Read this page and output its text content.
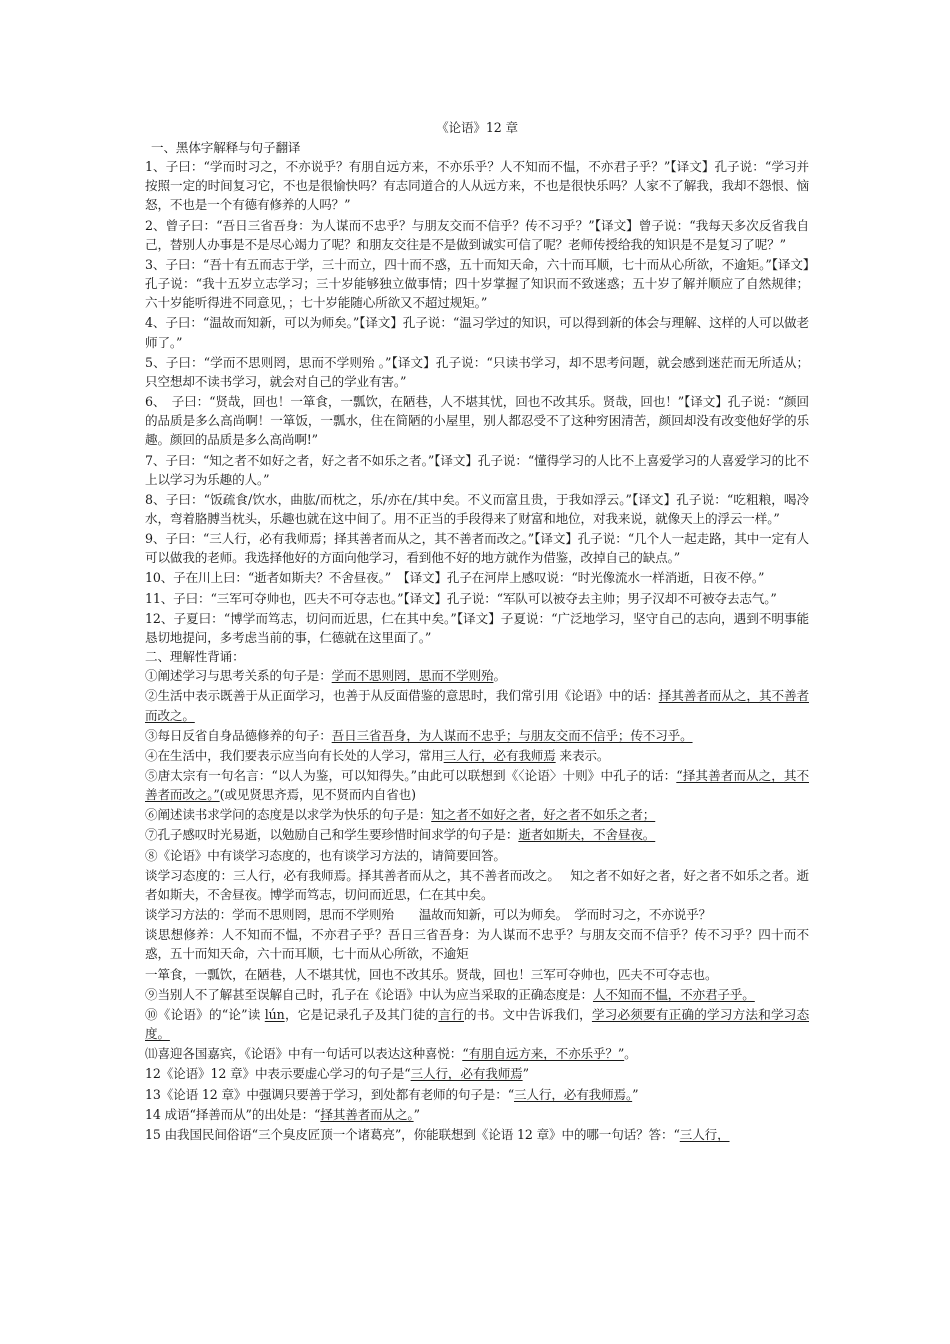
《论语》12 章
一、黑体字解释与句子翻译

1、子曰：“学而时习之，不亦说乎？有朋自远方来，不亦乐乎？人不知而不愠，不亦君子乎？”【译文】孔子说：“学习并按照一定的时间复习它，不也是很愉快吗？有志同道合的人从远方来，不也是很快乐吗？人家不了解我，我却不怨恨、恼怒，不也是一个有德有修养的人吗？”

2、曾子曰：“吾日三省吾身：为人谋而不忠乎？与朋友交而不信乎？传不习乎？”【译文】曾子说：“我每天多次反省我自己，替别人办事是不是尽心竭力了呢？和朋友交往是不是做到诚实可信了呢？老师传授给我的知识是不是复习了呢？”

3、子曰：“吾十有五而志于学，三十而立，四十而不惑，五十而知天命，六十而耳顺，七十而从心所欲，不逾矩。”【译文】孔子说：“我十五岁立志学习；三十岁能够独立做事情；四十岁掌握了知识而不致迷惑；五十岁了解并顺应了自然规律；六十岁能听得进不同意见，；七十岁能随心所欲又不超过规矩。”

4、子曰：“温故而知新，可以为师矣。”【译文】孔子说：“温习学过的知识，可以得到新的体会与理解、这样的人可以做老师了。”

5、子曰：“学而不思则罔，思而不学则殆 。”【译文】孔子说：“只读书学习，却不思考问题，就会感到迷茫而无所适从；只空想却不读书学习，就会对自己的学业有害。”

6、　子曰：“贤哉，回也！一箪食，一瓢饮，在陋巷，人不堪其忧，回也不改其乐。贤哉，回也！”【译文】孔子说：“颜回的品质是多么高尚啊！一箪饭，一瓢水，住在简陋的小屋里，别人都忍受不了这种穷困清苦，颜回却没有改变他好学的乐趣。颜回的品质是多么高尚啊!”

7、子曰：“知之者不如好之者，好之者不如乐之者。”【译文】孔子说：“懂得学习的人比不上喜爱学习的人喜爱学习的比不上以学习为乐趣的人。”

8、子曰：“饭疏食/饮水，曲肱/而枕之，乐/亦在/其中矣。不义而富且贵，于我如浮云。”【译文】孔子说：“吃粗粮，喝冷水，弯着胳膊当枕头，乐趣也就在这中间了。用不正当的手段得来了财富和地位，对我来说，就像天上的浮云一样。”

9、子曰：“三人行，必有我师焉；择其善者而从之，其不善者而改之。”【译文】孔子说：“几个人一起走路，其中一定有人可以做我的老师。我选择他好的方面向他学习，看到他不好的地方就作为借鉴，改掉自己的缺点。”

10、子在川上曰：“逝者如斯夫？不舍昼夜。”　【译文】孔子在河岸上感叹说：“时光像流水一样消逝，日夜不停。”

11、子曰：“三军可夺帅也，匹夫不可夺志也。”【译文】孔子说：“军队可以被夺去主帅；男子汉却不可被夺去志气。”

12、子夏曰：“博学而笃志，切问而近思，仁在其中矣。”【译文】子夏说：“广泛地学习，坚守自己的志向，遇到不明事能恳切地提问，多考虑当前的事，仁德就在这里面了。”

二、理解性背诵：

①阐述学习与思考关系的句子是：学而不思则罔，思而不学则殆。

②生活中表示既善于从正面学习，也善于从反面借鉴的意思时，我们常引用《论语》中的话：择其善者而从之，其不善者而改之。

③每日反省自身品德修养的句子：吾日三省吾身，为人谋而不忠乎；与朋友交而不信乎；传不习乎。

④在生活中，我们要表示应当向有长处的人学习，常用三人行，必有我师焉 来表示。

⑤唐太宗有一句名言：“以人为鉴，可以知得失。”由此可以联想到《〈论语〉十则》中孔子的话：“择其善者而从之，其不善者而改之。”(或见贤思齐焉，见不贤而内自省也)

⑥阐述读书求学问的态度是以求学为快乐的句子是：知之者不如好之者，好之者不如乐之者；

⑦孔子感叹时光易逝，以勉励自己和学生要珍惜时间求学的句子是：逝者如斯夫，不舍昼夜。

⑧《论语》中有谈学习态度的，也有谈学习方法的，请简要回答。

谈学习态度的：三人行，必有我师焉。择其善者而从之，其不善者而改之。　 知之者不如好之者，好之者不如乐之者。逝者如斯夫，不舍昼夜。博学而笃志，切问而近思，仁在其中矣。

谈学习方法的：学而不思则罔，思而不学则殆　　温故而知新，可以为师矣。　学而时习之，不亦说乎？

谈思想修养：人不知而不愠，不亦君子乎？吾日三省吾身：为人谋而不忠乎？与朋友交而不信乎？传不习乎？四十而不惑，五十而知天命，六十而耳顺，七十而从心所欲，不逾矩

一箪食，一瓢饮，在陋巷，人不堪其忧，回也不改其乐。贤哉，回也！三军可夺帅也，匹夫不可夺志也。

⑨当别人不了解甚至误解自己时，孔子在《论语》中认为应当采取的正确态度是：人不知而不愠，不亦君子乎。

⑩《论语》的“论”读 lún，它是记录孔子及其门徒的言行的书。文中告诉我们，学习必须要有正确的学习方法和学习态度。

⑾喜迎各国嘉宾，《论语》中有一句话可以表达这种喜悦：“有朋自远方来，不亦乐乎？”。

12《论语》12 章》中表示要虚心学习的句子是“三人行，必有我师焉”

13《论语 12 章》中强调只要善于学习，到处都有老师的句子是：“三人行，必有我师焉。”

14 成语“择善而从”的出处是：“择其善者而从之。”

15 由我国民间俗语“三个臭皮匠顶一个诸葛亮”，你能联想到《论语 12 章》中的哪一句话？答：“三人行，
